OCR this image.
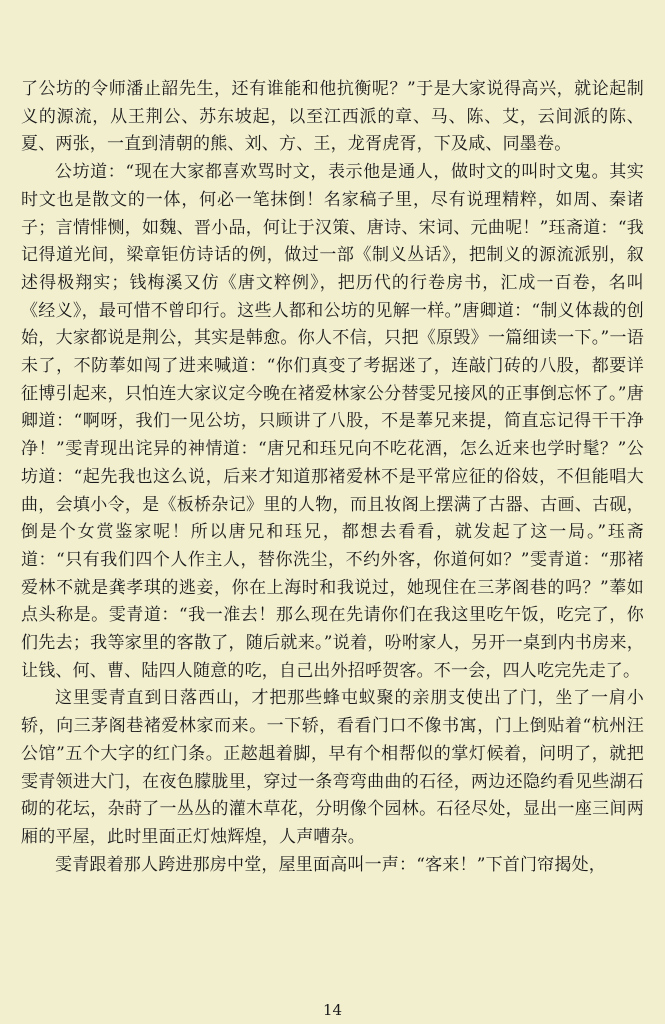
了公坊的令师潘止韶先生，还有谁能和他抗衡呢？”于是大家说得高兴，就论起制义的源流，从王荆公、苏东坡起，以至江西派的章、马、陈、艾，云间派的陈、夏、两张，一直到清朝的熊、刘、方、王，龙胥虎胥，下及咸、同墨卷。

公坊道：“现在大家都喜欢骂时文，表示他是通人，做时文的叫时文鬼。其实时文也是散文的一体，何必一笔抹倒！名家稿子里，尽有说理精粹，如周、秦诸子；言情悱恻，如魏、晋小品，何让于汉策、唐诗、宋词、元曲呢！”珏斋道：“我记得道光间，梁章钜仿诗话的例，做过一部《制义丛话》，把制义的源流派别，叙述得极翔实；钱梅溪又仿《唐文粹例》，把历代的行卷房书，汇成一百卷，名叫《经义》，最可惜不曾印行。这些人都和公坊的见解一样。”唐卿道：“制义体裁的创始，大家都说是荆公，其实是韩愈。你人不信，只把《原毁》一篇细读一下。”一语未了，不防菶如闯了进来喊道：“你们真变了考据迷了，连敲门砖的八股，都要详征博引起来，只怕连大家议定今晚在褚爱林家公分替雯兄接风的正事倒忘怀了。”唐卿道：“啊呀，我们一见公坊，只顾讲了八股，不是菶兄来提，简直忘记得干干净净！”雯青现出诧异的神情道：“唐兄和珏兄向不吃花酒，怎么近来也学时髦？”公坊道：“起先我也这么说，后来才知道那褚爱林不是平常应征的俗妓，不但能唱大曲，会填小令，是《板桥杂记》里的人物，而且妆阁上摆满了古器、古画、古砚，倒是个女赏鉴家呢！所以唐兄和珏兄，都想去看看，就发起了这一局。”珏斋道：“只有我们四个人作主人，替你洗尘，不约外客，你道何如？”雯青道：“那褚爱林不就是龚孝琪的逃妾，你在上海时和我说过，她现住在三茅阁巷的吗？”菶如点头称是。雯青道：“我一准去！那么现在先请你们在我这里吃午饭，吃完了，你们先去；我等家里的客散了，随后就来。”说着，吩咐家人，另开一桌到内书房来，让钱、何、曹、陆四人随意的吃，自己出外招呼贺客。不一会，四人吃完先走了。

这里雯青直到日落西山，才把那些蜂屯蚁聚的亲朋支使出了门，坐了一肩小轿，向三茅阁巷褚爱林家而来。一下轿，看看门口不像书寓，门上倒贴着“杭州汪公馆”五个大字的红门条。正趑趄着脚，早有个相帮似的掌灯候着，问明了，就把雯青领进大门，在夜色朦胧里，穿过一条弯弯曲曲的石径，两边还隐约看见些湖石砌的花坛，杂莳了一丛丛的灌木草花，分明像个园林。石径尽处，显出一座三间两厢的平屋，此时里面正灯烛辉煌，人声嘈杂。

雯青跟着那人跨进那房中堂，屋里面高叫一声：“客来！”下首门帘揭处，

14
